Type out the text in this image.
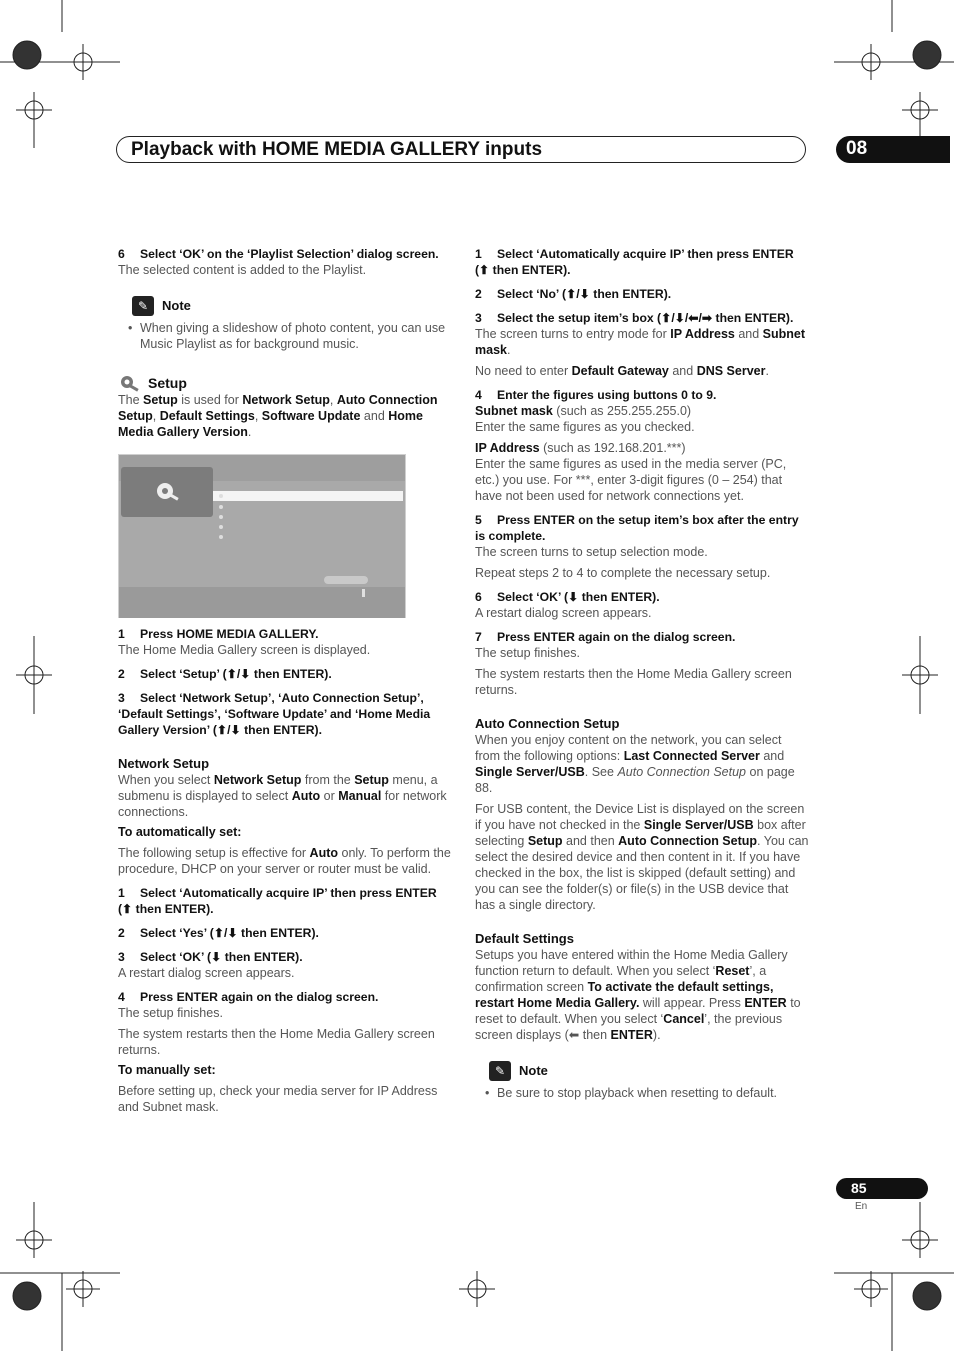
Playback with HOME MEDIA GALLERY inputs	08

6 Select ‘OK’ on the ‘Playlist Selection’ dialog screen.

The selected content is added to the Playlist.

✎	Note
• When giving a slideshow of photo content, you can use Music Playlist as for background music.
Setup

The Setup is used for Network Setup, Auto Connection Setup, Default Settings, Software Update and Home Media Gallery Version.

1 Press HOME MEDIA GALLERY.

The Home Media Gallery screen is displayed.

2 Select ‘Setup’ (⬆/⬇ then ENTER).

3 Select ‘Network Setup’, ‘Auto Connection Setup’, ‘Default Settings’, ‘Software Update’ and ‘Home Media Gallery Version’ (⬆/⬇ then ENTER).

Network Setup

When you select Network Setup from the Setup menu, a submenu is displayed to select Auto or Manual for network connections.

To automatically set:

The following setup is effective for Auto only. To perform the procedure, DHCP on your server or router must be valid.

1 Select ‘Automatically acquire IP’ then press ENTER (⬆ then ENTER).

2 Select ‘Yes’ (⬆/⬇ then ENTER).

3 Select ‘OK’ (⬇ then ENTER).

A restart dialog screen appears.

4 Press ENTER again on the dialog screen.

The setup finishes.

The system restarts then the Home Media Gallery screen returns.

To manually set:

Before setting up, check your media server for IP Address and Subnet mask.

1 Select ‘Automatically acquire IP’ then press ENTER (⬆ then ENTER).

2 Select ‘No’ (⬆/⬇ then ENTER).

3 Select the setup item’s box (⬆/⬇/⬅/➡ then ENTER).

The screen turns to entry mode for IP Address and Subnet mask.

No need to enter Default Gateway and DNS Server.

4 Enter the figures using buttons 0 to 9.

Subnet mask (such as 255.255.255.0)

Enter the same figures as you checked.

IP Address (such as 192.168.201.***)

Enter the same figures as used in the media server (PC, etc.) you use. For ***, enter 3-digit figures (0 – 254) that have not been used for network connections yet.

5 Press ENTER on the setup item’s box after the entry is complete.

The screen turns to setup selection mode.

Repeat steps 2 to 4 to complete the necessary setup.

6 Select ‘OK’ (⬇ then ENTER).

A restart dialog screen appears.

7 Press ENTER again on the dialog screen.

The setup finishes.

The system restarts then the Home Media Gallery screen returns.

Auto Connection Setup

When you enjoy content on the network, you can select from the following options: Last Connected Server and Single Server/USB. See Auto Connection Setup on page 88.

For USB content, the Device List is displayed on the screen if you have not checked in the Single Server/USB box after selecting Setup and then Auto Connection Setup. You can select the desired device and then content in it. If you have checked in the box, the list is skipped (default setting) and you can see the folder(s) or file(s) in the USB device that has a single directory.

Default Settings

Setups you have entered within the Home Media Gallery function return to default. When you select ‘Reset’, a confirmation screen To activate the default settings, restart Home Media Gallery. will appear. Press ENTER to reset to default. When you select ‘Cancel’, the previous screen displays (⬅ then ENTER).

✎	Note
• Be sure to stop playback when resetting to default.
85
En
